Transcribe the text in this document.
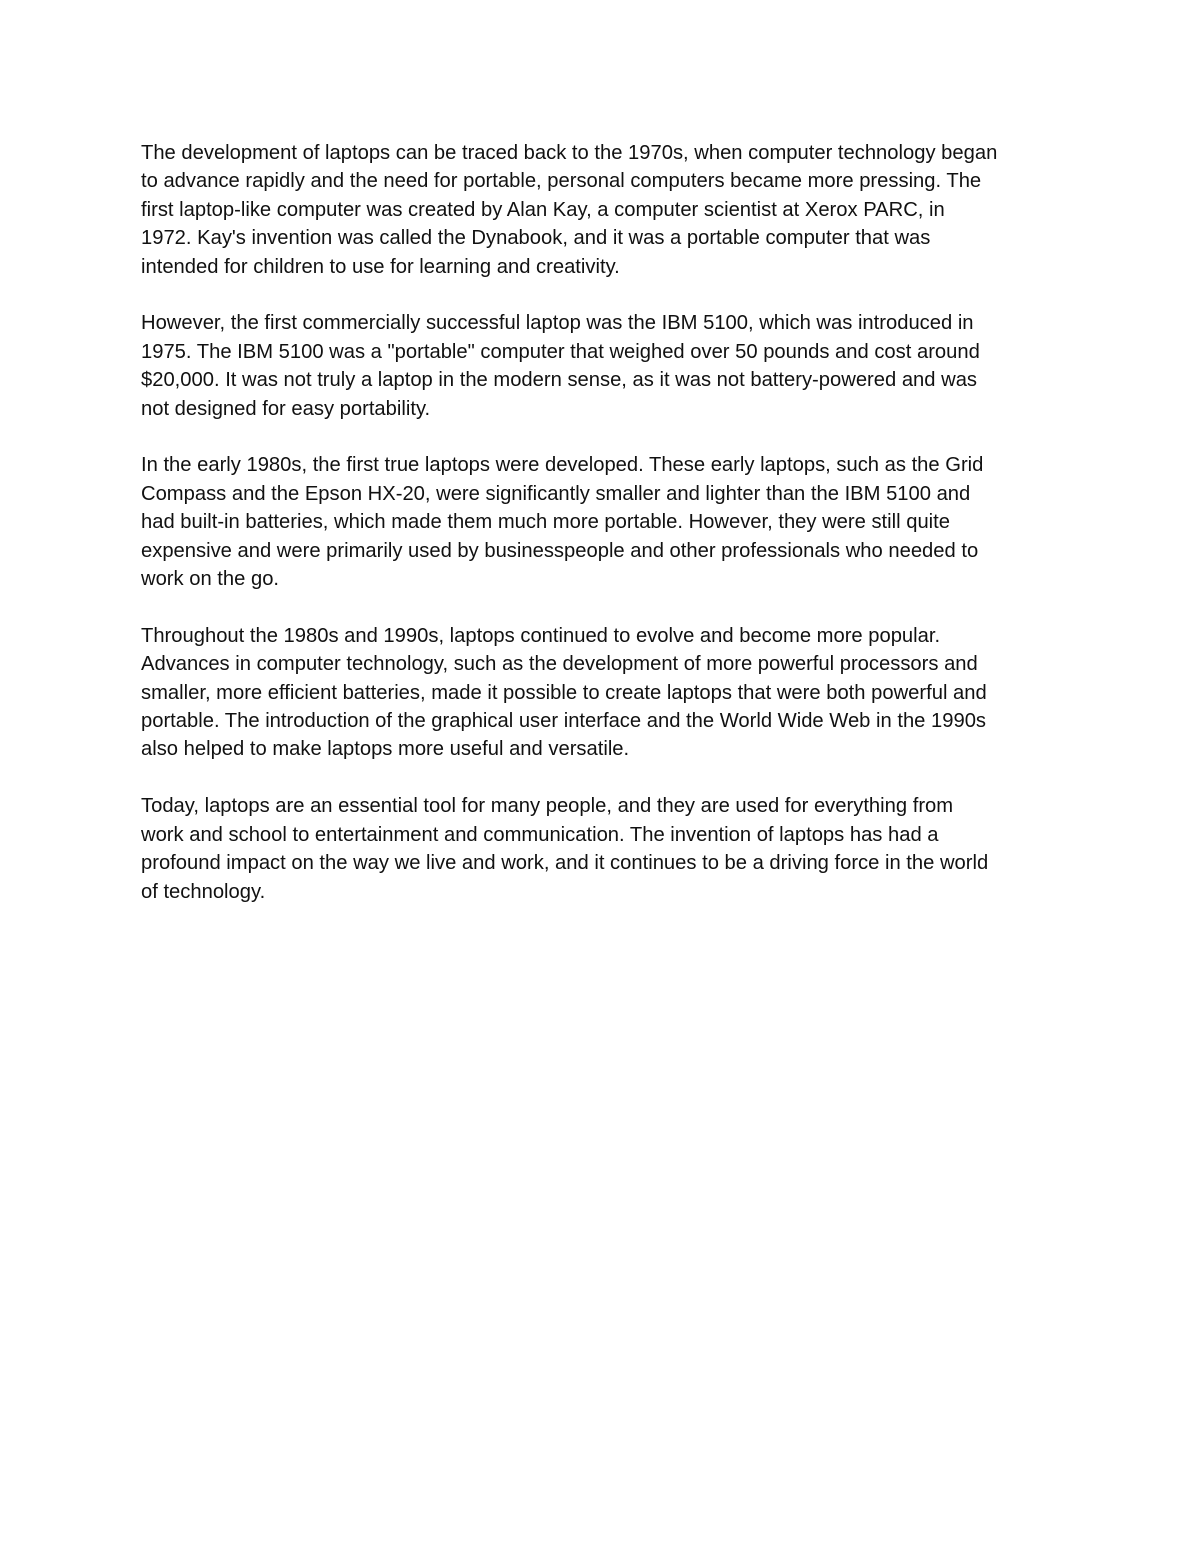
The development of laptops can be traced back to the 1970s, when computer technology began
to advance rapidly and the need for portable, personal computers became more pressing. The
first laptop-like computer was created by Alan Kay, a computer scientist at Xerox PARC, in
1972. Kay's invention was called the Dynabook, and it was a portable computer that was
intended for children to use for learning and creativity.

However, the first commercially successful laptop was the IBM 5100, which was introduced in
1975. The IBM 5100 was a "portable" computer that weighed over 50 pounds and cost around
$20,000. It was not truly a laptop in the modern sense, as it was not battery-powered and was
not designed for easy portability.

In the early 1980s, the first true laptops were developed. These early laptops, such as the Grid
Compass and the Epson HX-20, were significantly smaller and lighter than the IBM 5100 and
had built-in batteries, which made them much more portable. However, they were still quite
expensive and were primarily used by businesspeople and other professionals who needed to
work on the go.

Throughout the 1980s and 1990s, laptops continued to evolve and become more popular.
Advances in computer technology, such as the development of more powerful processors and
smaller, more efficient batteries, made it possible to create laptops that were both powerful and
portable. The introduction of the graphical user interface and the World Wide Web in the 1990s
also helped to make laptops more useful and versatile.

Today, laptops are an essential tool for many people, and they are used for everything from
work and school to entertainment and communication. The invention of laptops has had a
profound impact on the way we live and work, and it continues to be a driving force in the world
of technology.
